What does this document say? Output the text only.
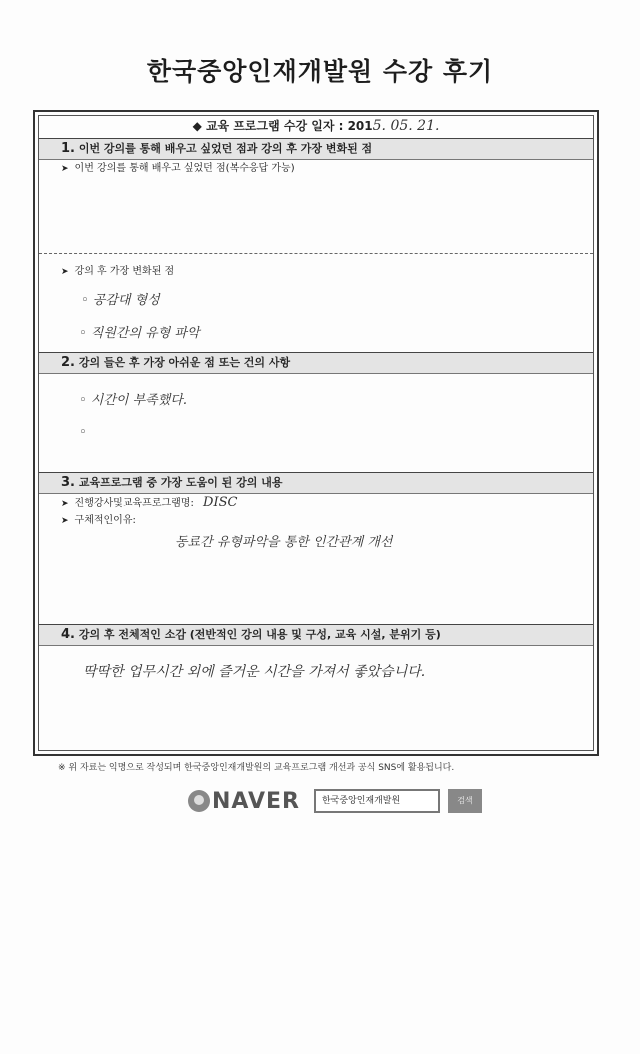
한국중앙인재개발원 수강 후기
◆ 교육 프로그램 수강 일자 : 2015. 05. 21.
1. 이번 강의를 통해 배우고 싶었던 점과 강의 후 가장 변화된 점
➤ 이번 강의를 통해 배우고 싶었던 점(복수응답 가능)
➤ 강의 후 가장 변화된 점
◦ 공감대 형성
◦ 직원간의 유형 파악
2. 강의 들은 후 가장 아쉬운 점 또는 건의 사항
◦ 시간이 부족했다.
◦
3. 교육프로그램 중 가장 도움이 된 강의 내용
➤ 진행강사및교육프로그램명: DISC
➤ 구체적인이유:
동료간 유형파악을 통한 인간관계 개선
4. 강의 후 전체적인 소감 (전반적인 강의 내용 및 구성, 교육 시설, 분위기 등)
딱딱한 업무시간 외에 즐거운 시간을 가져서 좋았습니다.
※ 위 자료는 익명으로 작성되며 한국중앙인재개발원의 교육프로그램 개선과 공식 SNS에 활용됩니다.
NAVER	한국중앙인재개발원	검색
